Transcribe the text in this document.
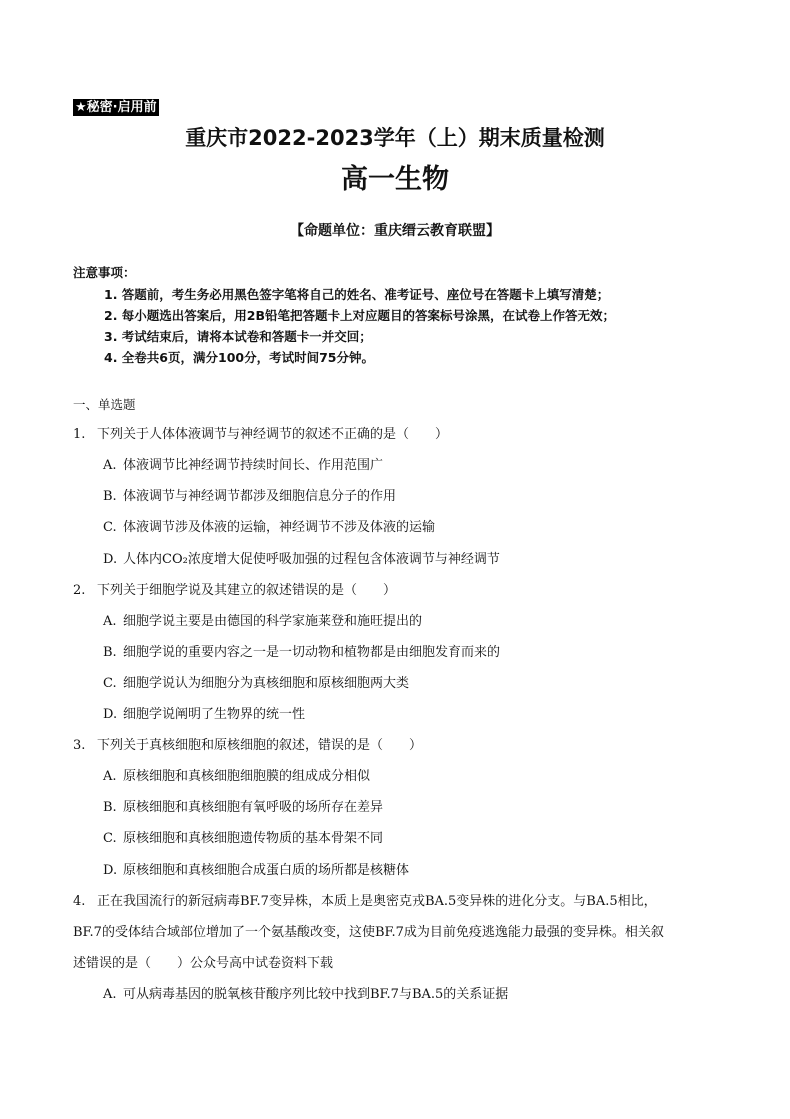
★秘密·启用前
重庆市2022-2023学年（上）期末质量检测
高一生物
【命题单位：重庆缙云教育联盟】
注意事项：
1. 答题前，考生务必用黑色签字笔将自己的姓名、准考证号、座位号在答题卡上填写清楚；
2. 每小题选出答案后，用2B铅笔把答题卡上对应题目的答案标号涂黑，在试卷上作答无效；
3. 考试结束后，请将本试卷和答题卡一并交回；
4. 全卷共6页，满分100分，考试时间75分钟。
一、单选题
1. 下列关于人体体液调节与神经调节的叙述不正确的是（　　）
A. 体液调节比神经调节持续时间长、作用范围广
B. 体液调节与神经调节都涉及细胞信息分子的作用
C. 体液调节涉及体液的运输，神经调节不涉及体液的运输
D. 人体内CO₂浓度增大促使呼吸加强的过程包含体液调节与神经调节
2. 下列关于细胞学说及其建立的叙述错误的是（　　）
A. 细胞学说主要是由德国的科学家施莱登和施旺提出的
B. 细胞学说的重要内容之一是一切动物和植物都是由细胞发育而来的
C. 细胞学说认为细胞分为真核细胞和原核细胞两大类
D. 细胞学说阐明了生物界的统一性
3. 下列关于真核细胞和原核细胞的叙述，错误的是（　　）
A. 原核细胞和真核细胞细胞膜的组成成分相似
B. 原核细胞和真核细胞有氧呼吸的场所存在差异
C. 原核细胞和真核细胞遗传物质的基本骨架不同
D. 原核细胞和真核细胞合成蛋白质的场所都是核糖体
4. 正在我国流行的新冠病毒BF.7变异株，本质上是奥密克戎BA.5变异株的进化分支。与BA.5相比，
BF.7的受体结合域部位增加了一个氨基酸改变，这使BF.7成为目前免疫逃逸能力最强的变异株。相关叙
述错误的是（　　）公众号高中试卷资料下载
A. 可从病毒基因的脱氧核苷酸序列比较中找到BF.7与BA.5的关系证据
